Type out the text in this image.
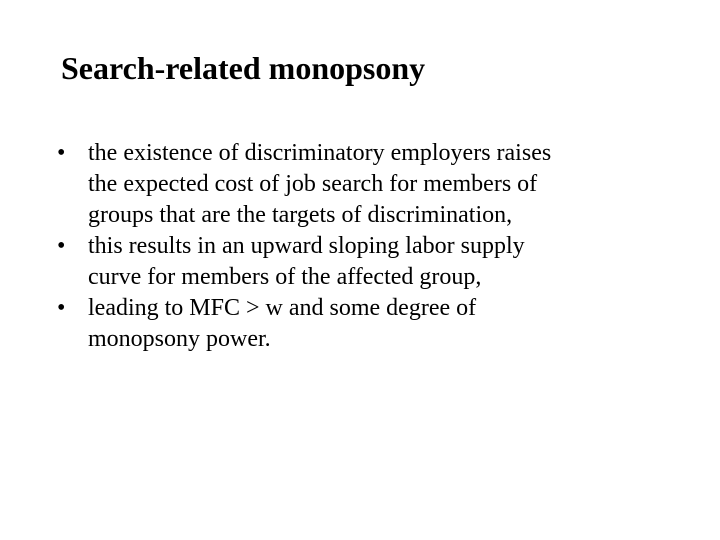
Search-related monopsony
• the existence of discriminatory employers raises
the expected cost of job search for members of
groups that are the targets of discrimination,
• this results in an upward sloping labor supply
curve for members of the affected group,
• leading to MFC > w and some degree of
monopsony power.
